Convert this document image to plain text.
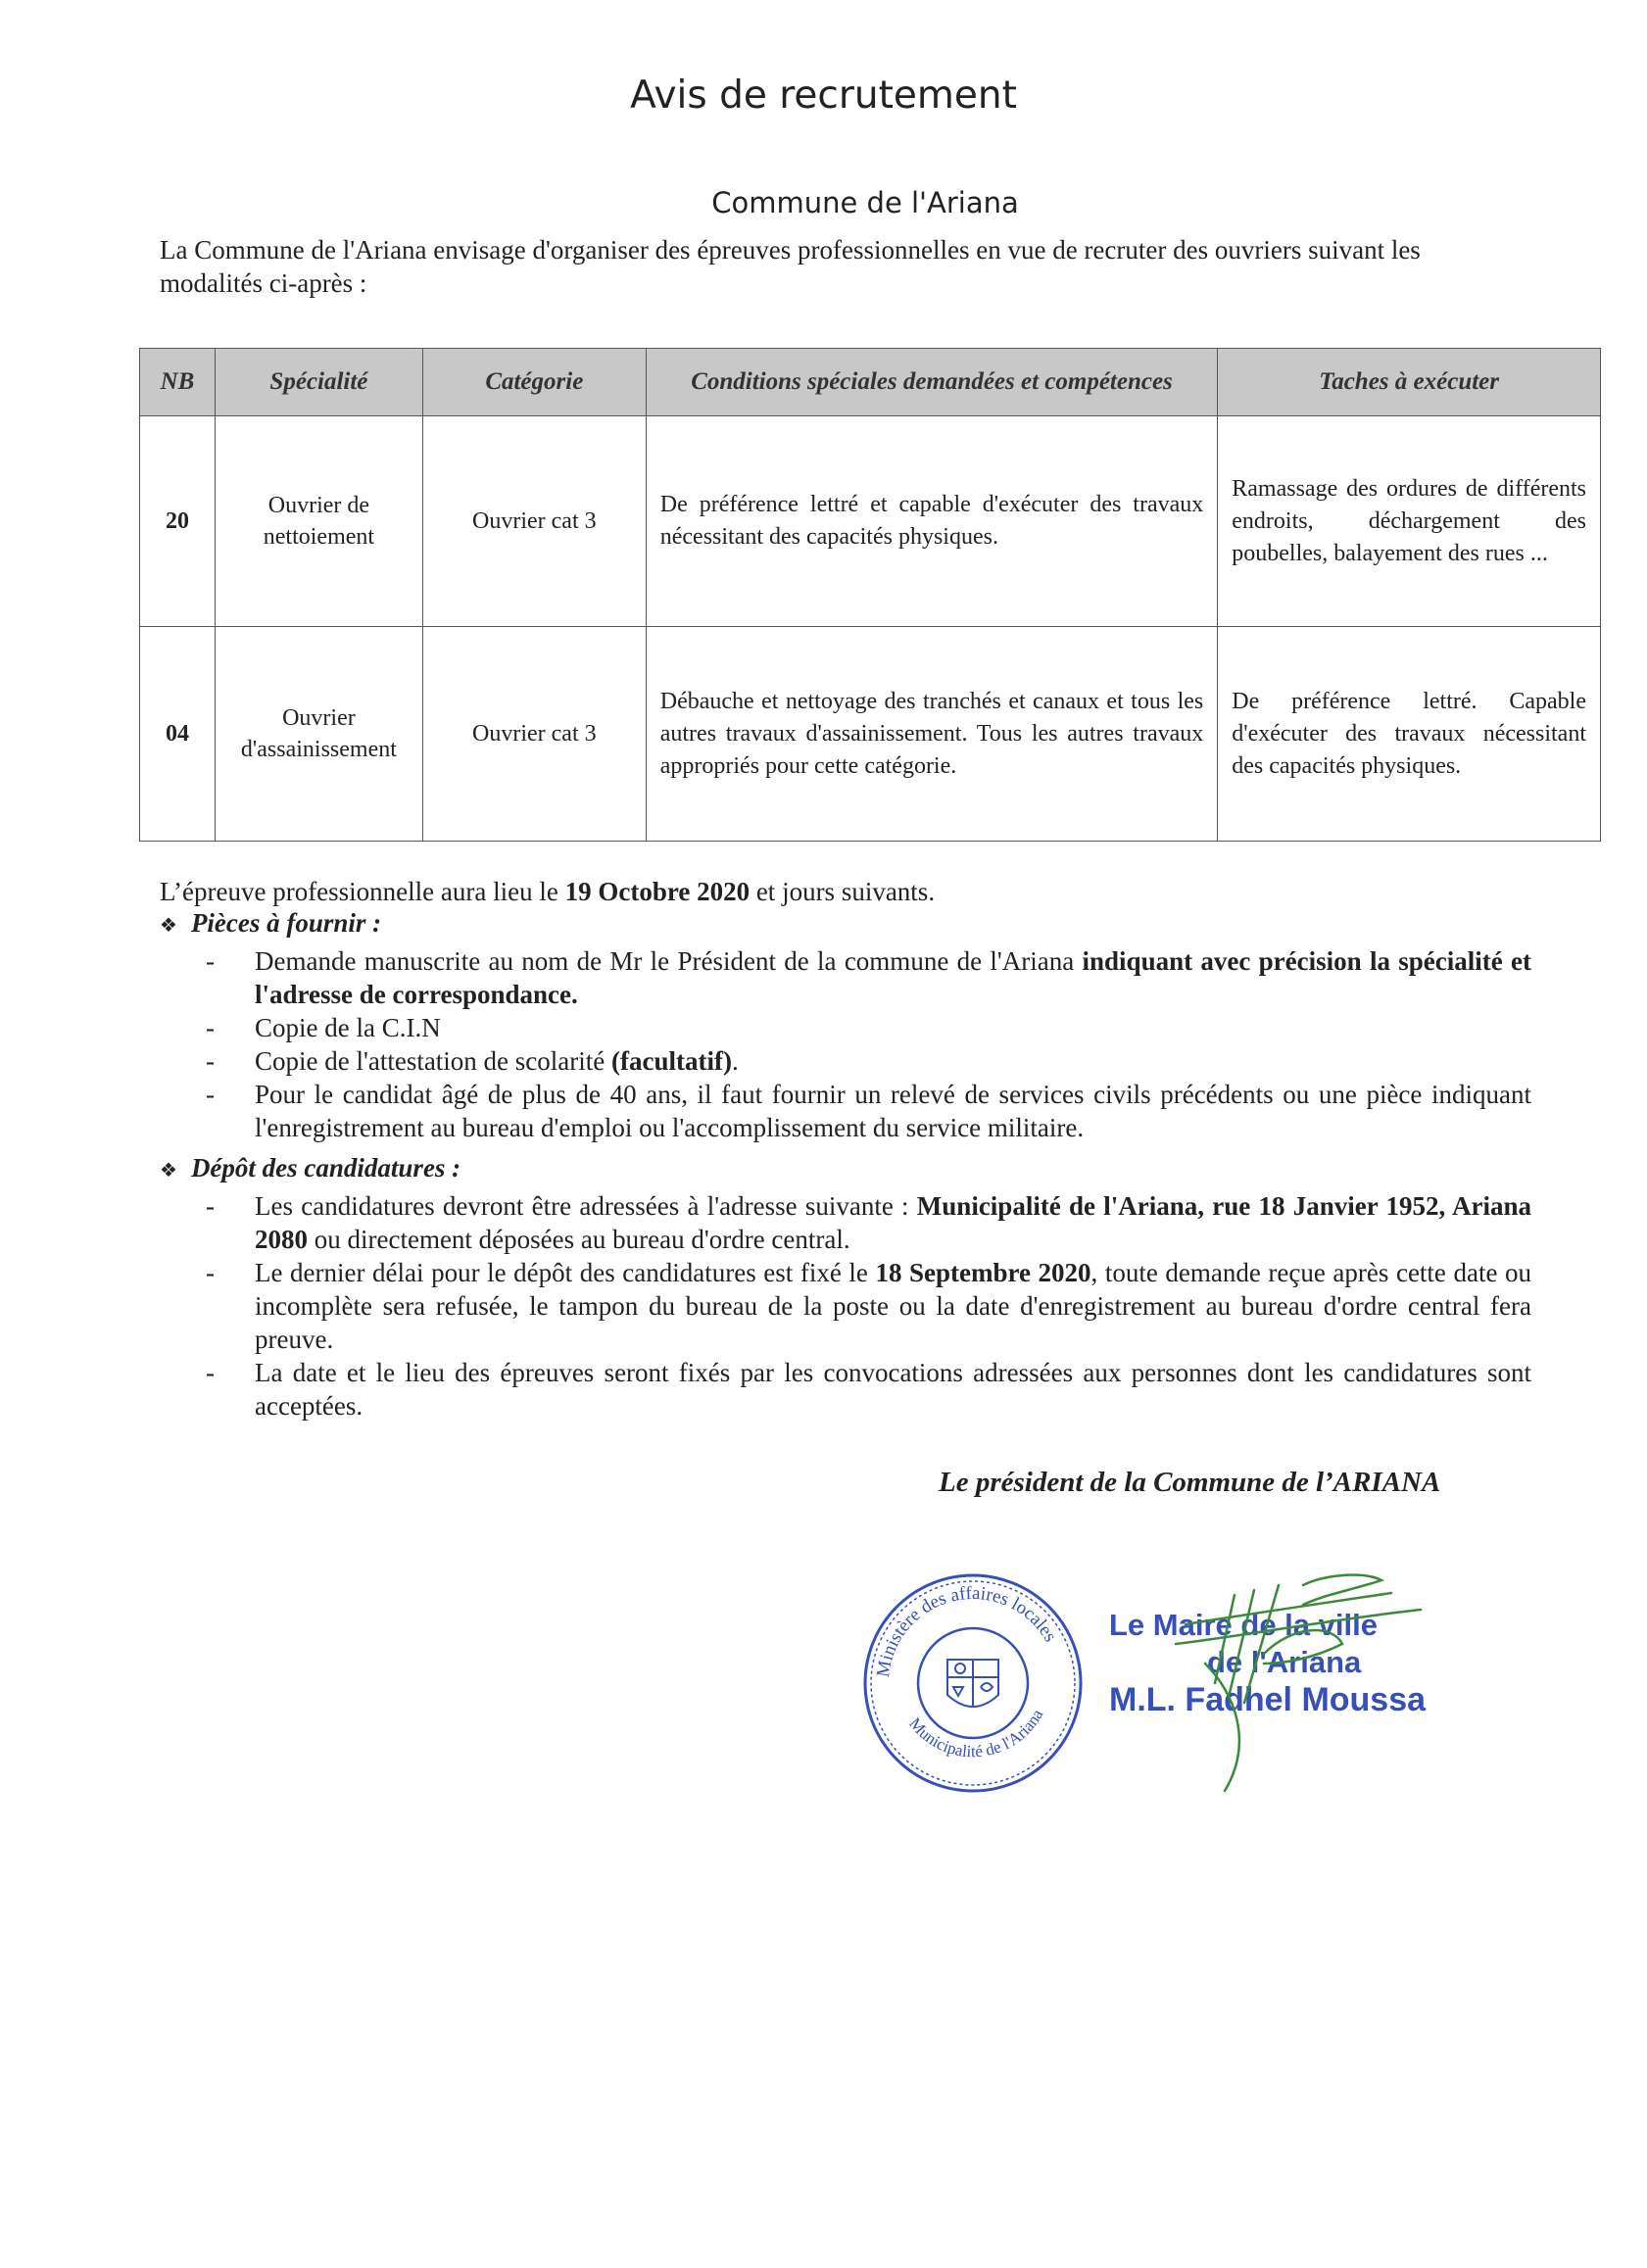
Avis de recrutement
Commune de l'Ariana
La Commune de l'Ariana envisage d'organiser des épreuves professionnelles en vue de recruter des ouvriers suivant les modalités ci-après :
NB	Spécialité	Catégorie	Conditions spéciales demandées et compétences	Taches à exécuter
20	Ouvrier de nettoiement	Ouvrier cat 3	De préférence lettré et capable d'exécuter des travaux nécessitant des capacités physiques.	Ramassage des ordures de différents endroits, déchargement des poubelles, balayement des rues ...
04	Ouvrier d'assainissement	Ouvrier cat 3	Débauche et nettoyage des tranchés et canaux et tous les autres travaux d'assainissement. Tous les autres travaux appropriés pour cette catégorie.	De préférence lettré. Capable d'exécuter des travaux nécessitant des capacités physiques.
L’épreuve professionnelle aura lieu le 19 Octobre 2020 et jours suivants.
❖ Pièces à fournir :
- Demande manuscrite au nom de Mr le Président de la commune de l'Ariana indiquant avec précision la spécialité et l'adresse de correspondance.
- Copie de la C.I.N
- Copie de l'attestation de scolarité (facultatif).
- Pour le candidat âgé de plus de 40 ans, il faut fournir un relevé de services civils précédents ou une pièce indiquant l'enregistrement au bureau d'emploi ou l'accomplissement du service militaire.
❖ Dépôt des candidatures :
- Les candidatures devront être adressées à l'adresse suivante : Municipalité de l'Ariana, rue 18 Janvier 1952, Ariana 2080 ou directement déposées au bureau d'ordre central.
- Le dernier délai pour le dépôt des candidatures est fixé le 18 Septembre 2020, toute demande reçue après cette date ou incomplète sera refusée, le tampon du bureau de la poste ou la date d'enregistrement au bureau d'ordre central fera preuve.
- La date et le lieu des épreuves seront fixés par les convocations adressées aux personnes dont les candidatures sont acceptées.
Le président de la Commune de l’ARIANA
Ministère des affaires locales
Municipalité de l'Ariana
Le Maire de la ville
de l'Ariana
M.L. Fadhel Moussa
